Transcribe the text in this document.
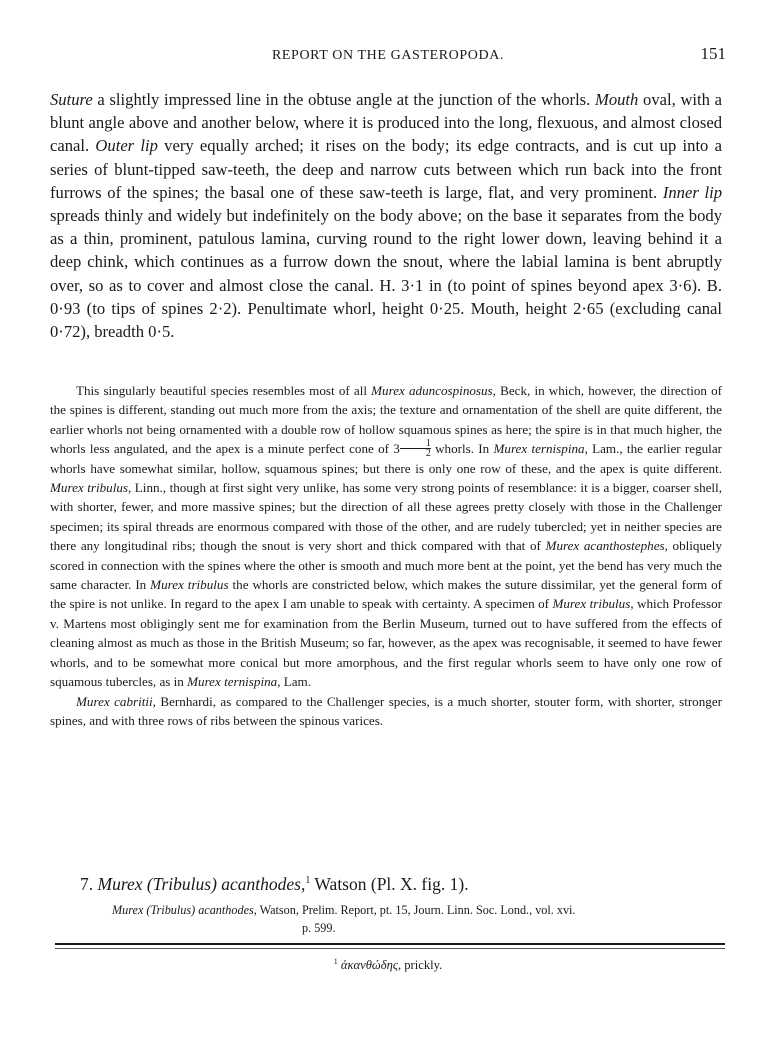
REPORT ON THE GASTEROPODA.	151

Suture a slightly impressed line in the obtuse angle at the junction of the whorls. Mouth oval, with a blunt angle above and another below, where it is produced into the long, flexuous, and almost closed canal. Outer lip very equally arched; it rises on the body; its edge contracts, and is cut up into a series of blunt-tipped saw-teeth, the deep and narrow cuts between which run back into the front furrows of the spines; the basal one of these saw-teeth is large, flat, and very prominent. Inner lip spreads thinly and widely but indefinitely on the body above; on the base it separates from the body as a thin, prominent, patulous lamina, curving round to the right lower down, leaving behind it a deep chink, which continues as a furrow down the snout, where the labial lamina is bent abruptly over, so as to cover and almost close the canal. H. 3·1 in (to point of spines beyond apex 3·6). B. 0·93 (to tips of spines 2·2). Penultimate whorl, height 0·25. Mouth, height 2·65 (excluding canal 0·72), breadth 0·5.

This singularly beautiful species resembles most of all Murex aduncospinosus, Beck, in which, however, the direction of the spines is different, standing out much more from the axis; the texture and ornamentation of the shell are quite different, the earlier whorls not being ornamented with a double row of hollow squamous spines as here; the spire is in that much higher, the whorls less angulated, and the apex is a minute perfect cone of $3 \frac{1}{2}$ whorls. In Murex ternispina, Lam., the earlier regular whorls have somewhat similar, hollow, squamous spines; but there is only one row of these, and the apex is quite different. Murex tribulus, Linn., though at first sight very unlike, has some very strong points of resemblance: it is a bigger, coarser shell, with shorter, fewer, and more massive spines; but the direction of all these agrees pretty closely with those in the Challenger specimen; its spiral threads are enormous compared with those of the other, and are rudely tubercled; yet in neither species are there any longitudinal ribs; though the snout is very short and thick compared with that of Murex acanthostephes, obliquely scored in connection with the spines where the other is smooth and much more bent at the point, yet the bend has very much the same character. In Murex tribulus the whorls are constricted below, which makes the suture dissimilar, yet the general form of the spire is not unlike. In regard to the apex I am unable to speak with certainty. A specimen of Murex tribulus, which Professor v. Martens most obligingly sent me for examination from the Berlin Museum, turned out to have suffered from the effects of cleaning almost as much as those in the British Museum; so far, however, as the apex was recognisable, it seemed to have fewer whorls, and to be somewhat more conical but more amorphous, and the first regular whorls seem to have only one row of squamous tubercles, as in Murex ternispina, Lam.

Murex cabritii, Bernhardi, as compared to the Challenger species, is a much shorter, stouter form, with shorter, stronger spines, and with three rows of ribs between the spinous varices.

7. Murex (Tribulus) acanthodes,$^1$ Watson (Pl. X. fig. 1).
Murex (Tribulus) acanthodes, Watson, Prelim. Report, pt. 15, Journ. Linn. Soc. Lond., vol. xvi.
p. 599.
$^1$ ἀκανθώδης, prickly.
